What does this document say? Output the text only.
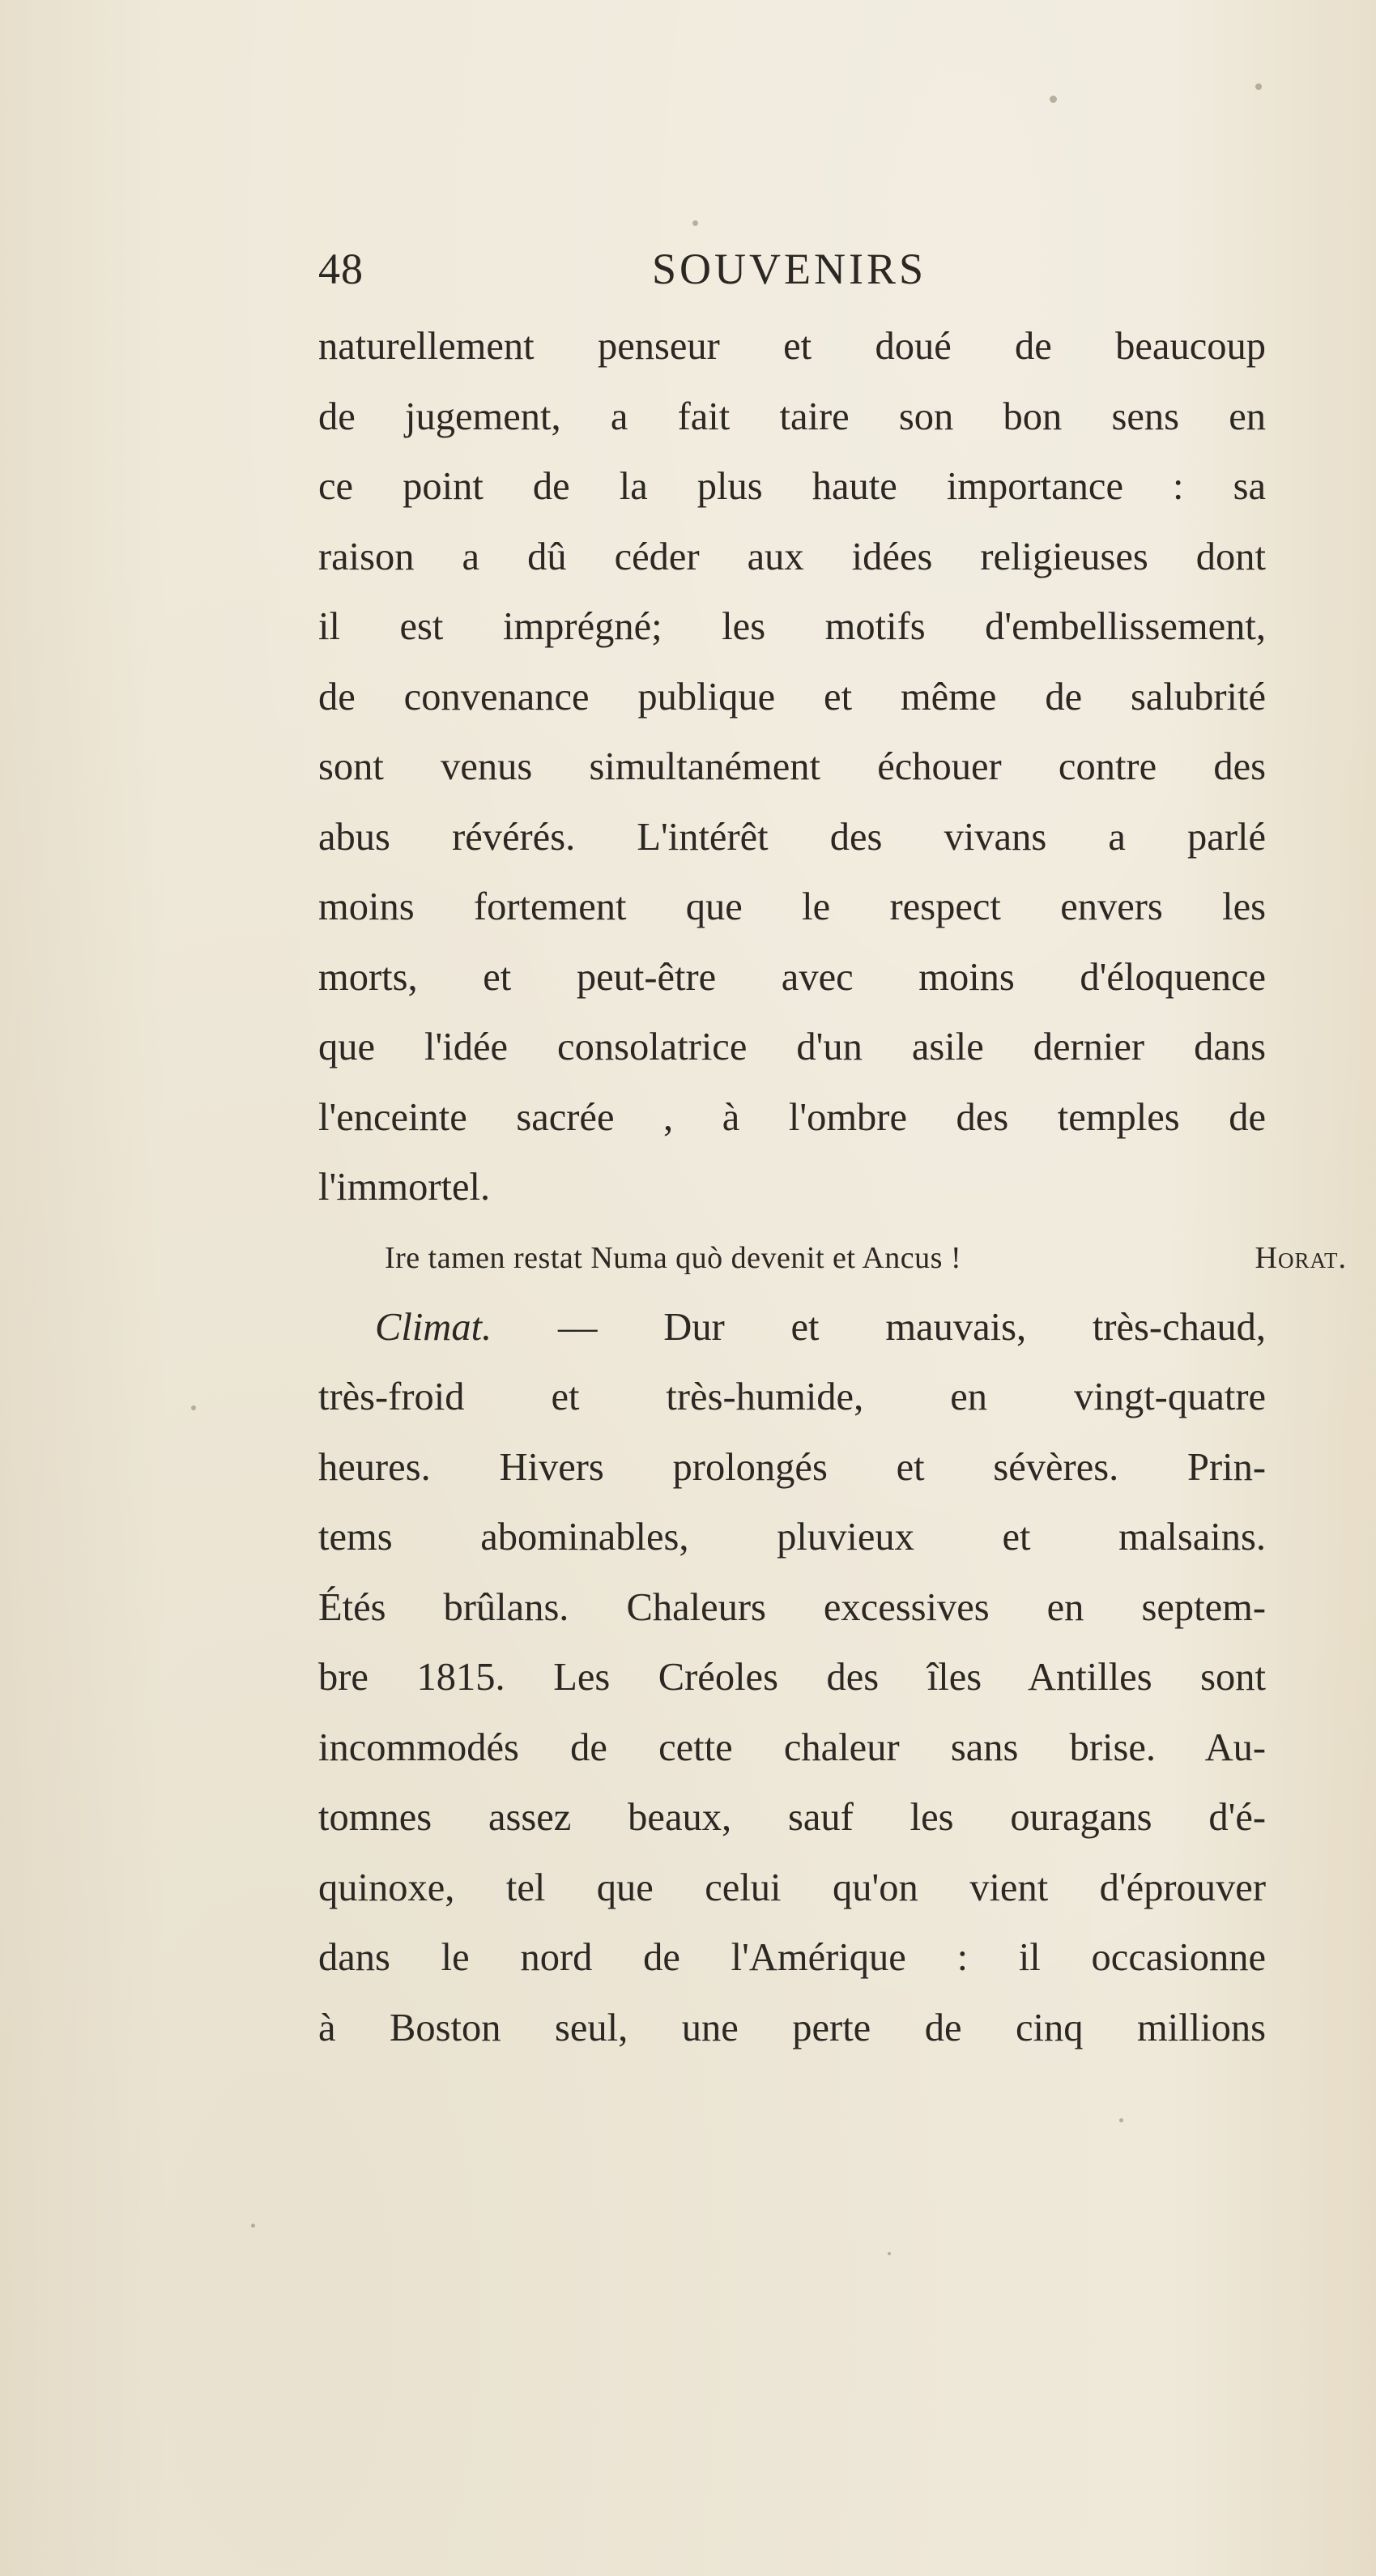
48	SOUVENIRS
naturellement penseur et doué de beaucoup
de jugement, a fait taire son bon sens en
ce point de la plus haute importance : sa
raison a dû céder aux idées religieuses dont
il est imprégné; les motifs d'embellissement,
de convenance publique et même de salubrité
sont venus simultanément échouer contre des
abus révérés. L'intérêt des vivans a parlé
moins fortement que le respect envers les
morts, et peut-être avec moins d'éloquence
que l'idée consolatrice d'un asile dernier dans
l'enceinte sacrée , à l'ombre des temples de
l'immortel.
Ire tamen restat Numa quò devenit et Ancus !	Horat.
Climat. — Dur et mauvais, très-chaud,
très-froid et très-humide, en vingt-quatre
heures. Hivers prolongés et sévères. Prin-
tems abominables, pluvieux et malsains.
Étés brûlans. Chaleurs excessives en septem-
bre 1815. Les Créoles des îles Antilles sont
incommodés de cette chaleur sans brise. Au-
tomnes assez beaux, sauf les ouragans d'é-
quinoxe, tel que celui qu'on vient d'éprouver
dans le nord de l'Amérique : il occasionne
à Boston seul, une perte de cinq millions
